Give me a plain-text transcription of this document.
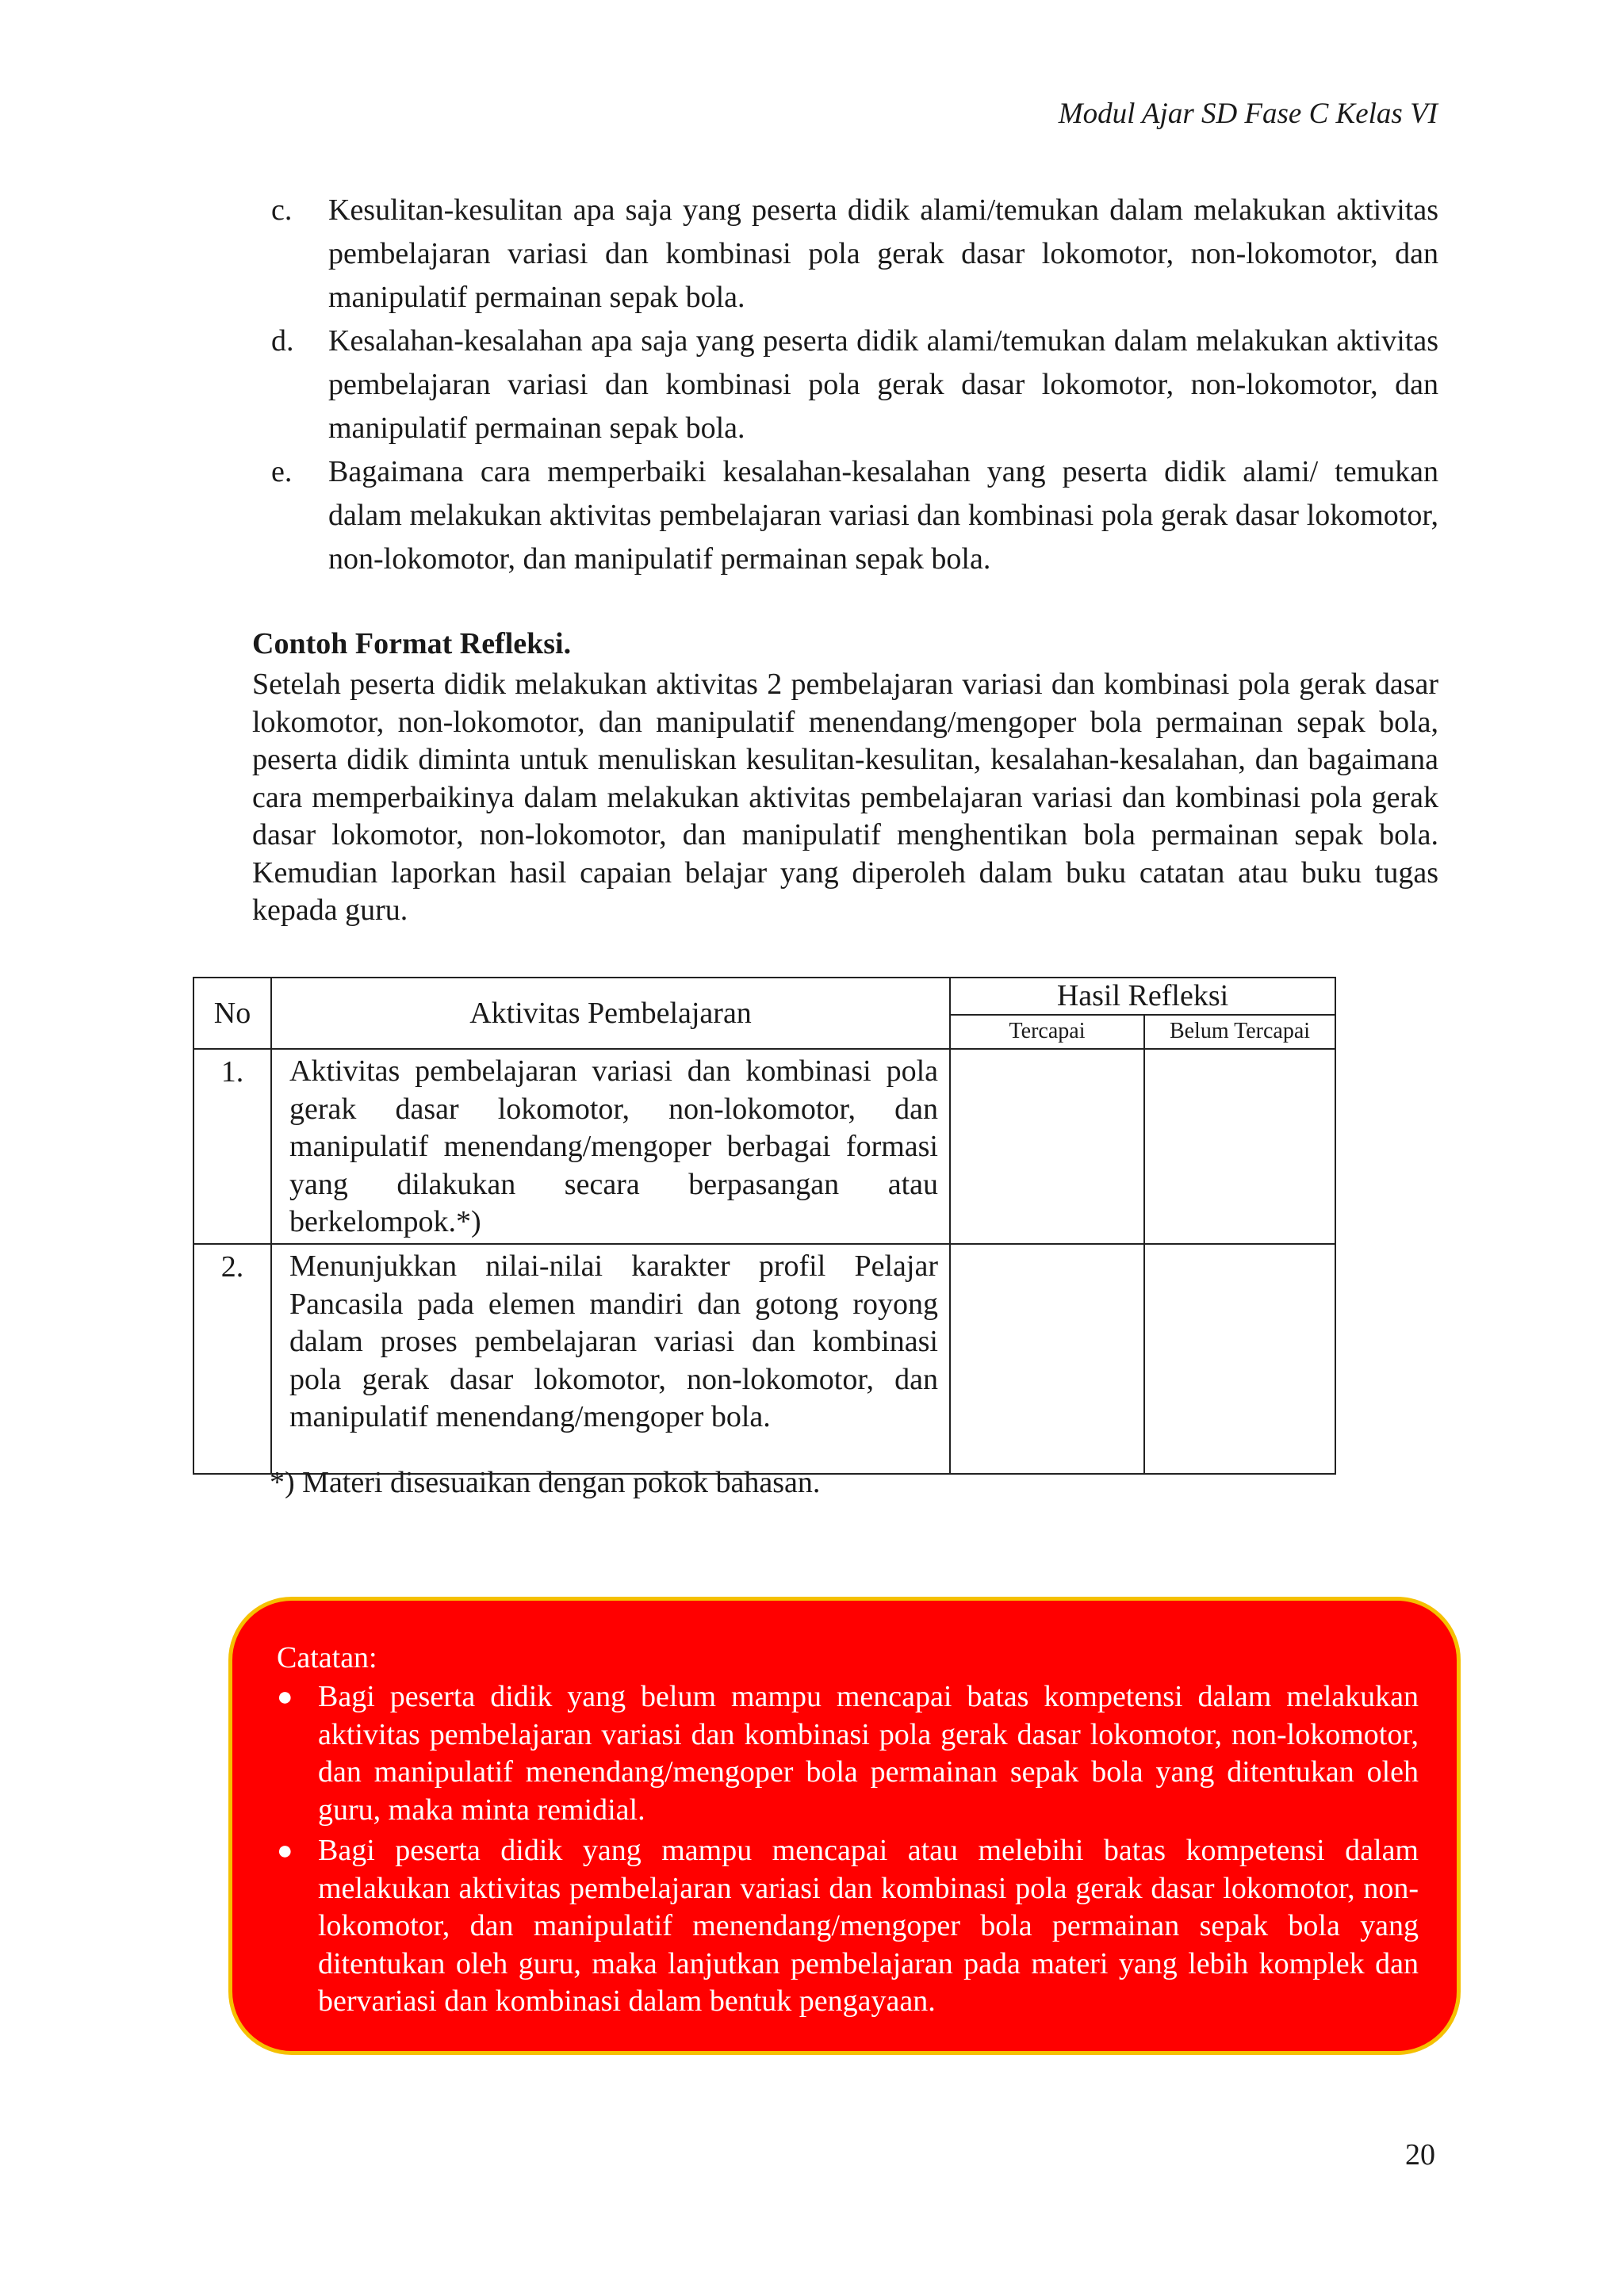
Modul Ajar SD Fase C Kelas VI
c. Kesulitan-kesulitan apa saja yang peserta didik alami/temukan dalam melakukan aktivitas pembelajaran variasi dan kombinasi pola gerak dasar lokomotor, non-lokomotor, dan manipulatif permainan sepak bola.
d. Kesalahan-kesalahan apa saja yang peserta didik alami/temukan dalam melakukan aktivitas pembelajaran variasi dan kombinasi pola gerak dasar lokomotor, non-lokomotor, dan manipulatif permainan sepak bola.
e. Bagaimana cara memperbaiki kesalahan-kesalahan yang peserta didik alami/ temukan dalam melakukan aktivitas pembelajaran variasi dan kombinasi pola gerak dasar lokomotor, non-lokomotor, dan manipulatif permainan sepak bola.
Contoh Format Refleksi.

Setelah peserta didik melakukan aktivitas 2 pembelajaran variasi dan kombinasi pola gerak dasar lokomotor, non-lokomotor, dan manipulatif menendang/mengoper bola permainan sepak bola, peserta didik diminta untuk menuliskan kesulitan-kesulitan, kesalahan-kesalahan, dan bagaimana cara memperbaikinya dalam melakukan aktivitas pembelajaran variasi dan kombinasi pola gerak dasar lokomotor, non-lokomotor, dan manipulatif menghentikan bola permainan sepak bola. Kemudian laporkan hasil capaian belajar yang diperoleh dalam buku catatan atau buku tugas kepada guru.

No	Aktivitas Pembelajaran	Hasil Refleksi	
		Tercapai	Belum Tercapai
1.	Aktivitas pembelajaran variasi dan kombinasi pola gerak dasar lokomotor, non-lokomotor, dan manipulatif menendang/mengoper berbagai formasi yang dilakukan secara berpasangan atau berkelompok.*)		
2.	Menunjukkan nilai-nilai karakter profil Pelajar Pancasila pada elemen mandiri dan gotong royong dalam proses pembelajaran variasi dan kombinasi pola gerak dasar lokomotor, non-lokomotor, dan manipulatif menendang/mengoper bola.		
*) Materi disesuaikan dengan pokok bahasan.
Catatan:
● Bagi peserta didik yang belum mampu mencapai batas kompetensi dalam melakukan aktivitas pembelajaran variasi dan kombinasi pola gerak dasar lokomotor, non-lokomotor, dan manipulatif menendang/mengoper bola permainan sepak bola yang ditentukan oleh guru, maka minta remidial.
● Bagi peserta didik yang mampu mencapai atau melebihi batas kompetensi dalam melakukan aktivitas pembelajaran variasi dan kombinasi pola gerak dasar lokomotor, non-lokomotor, dan manipulatif menendang/mengoper bola permainan sepak bola yang ditentukan oleh guru, maka lanjutkan pembelajaran pada materi yang lebih komplek dan bervariasi dan kombinasi dalam bentuk pengayaan.
20
